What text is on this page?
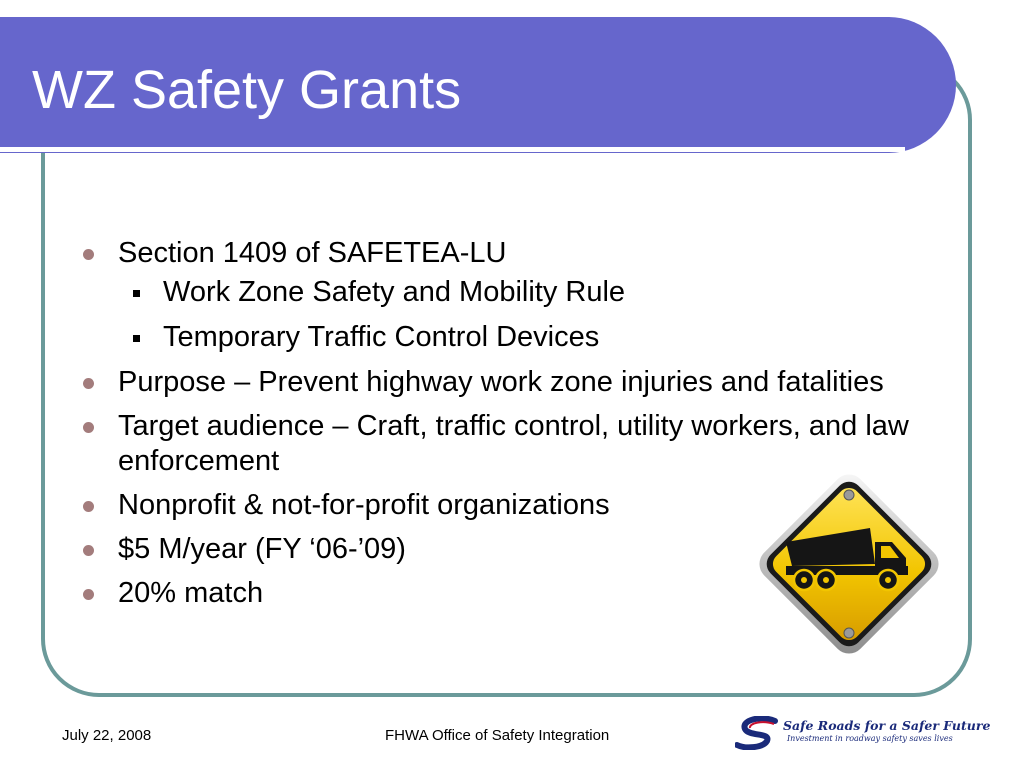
WZ Safety Grants
Section 1409 of SAFETEA-LU
Work Zone Safety and Mobility Rule
Temporary Traffic Control Devices
Purpose – Prevent highway work zone injuries and fatalities
Target audience – Craft, traffic control, utility workers, and law enforcement
Nonprofit & not-for-profit organizations
$5 M/year (FY ‘06-’09)
20% match

July 22, 2008	FHWA Office of Safety Integration

Safe Roads for a Safer Future

Investment in roadway safety saves lives
